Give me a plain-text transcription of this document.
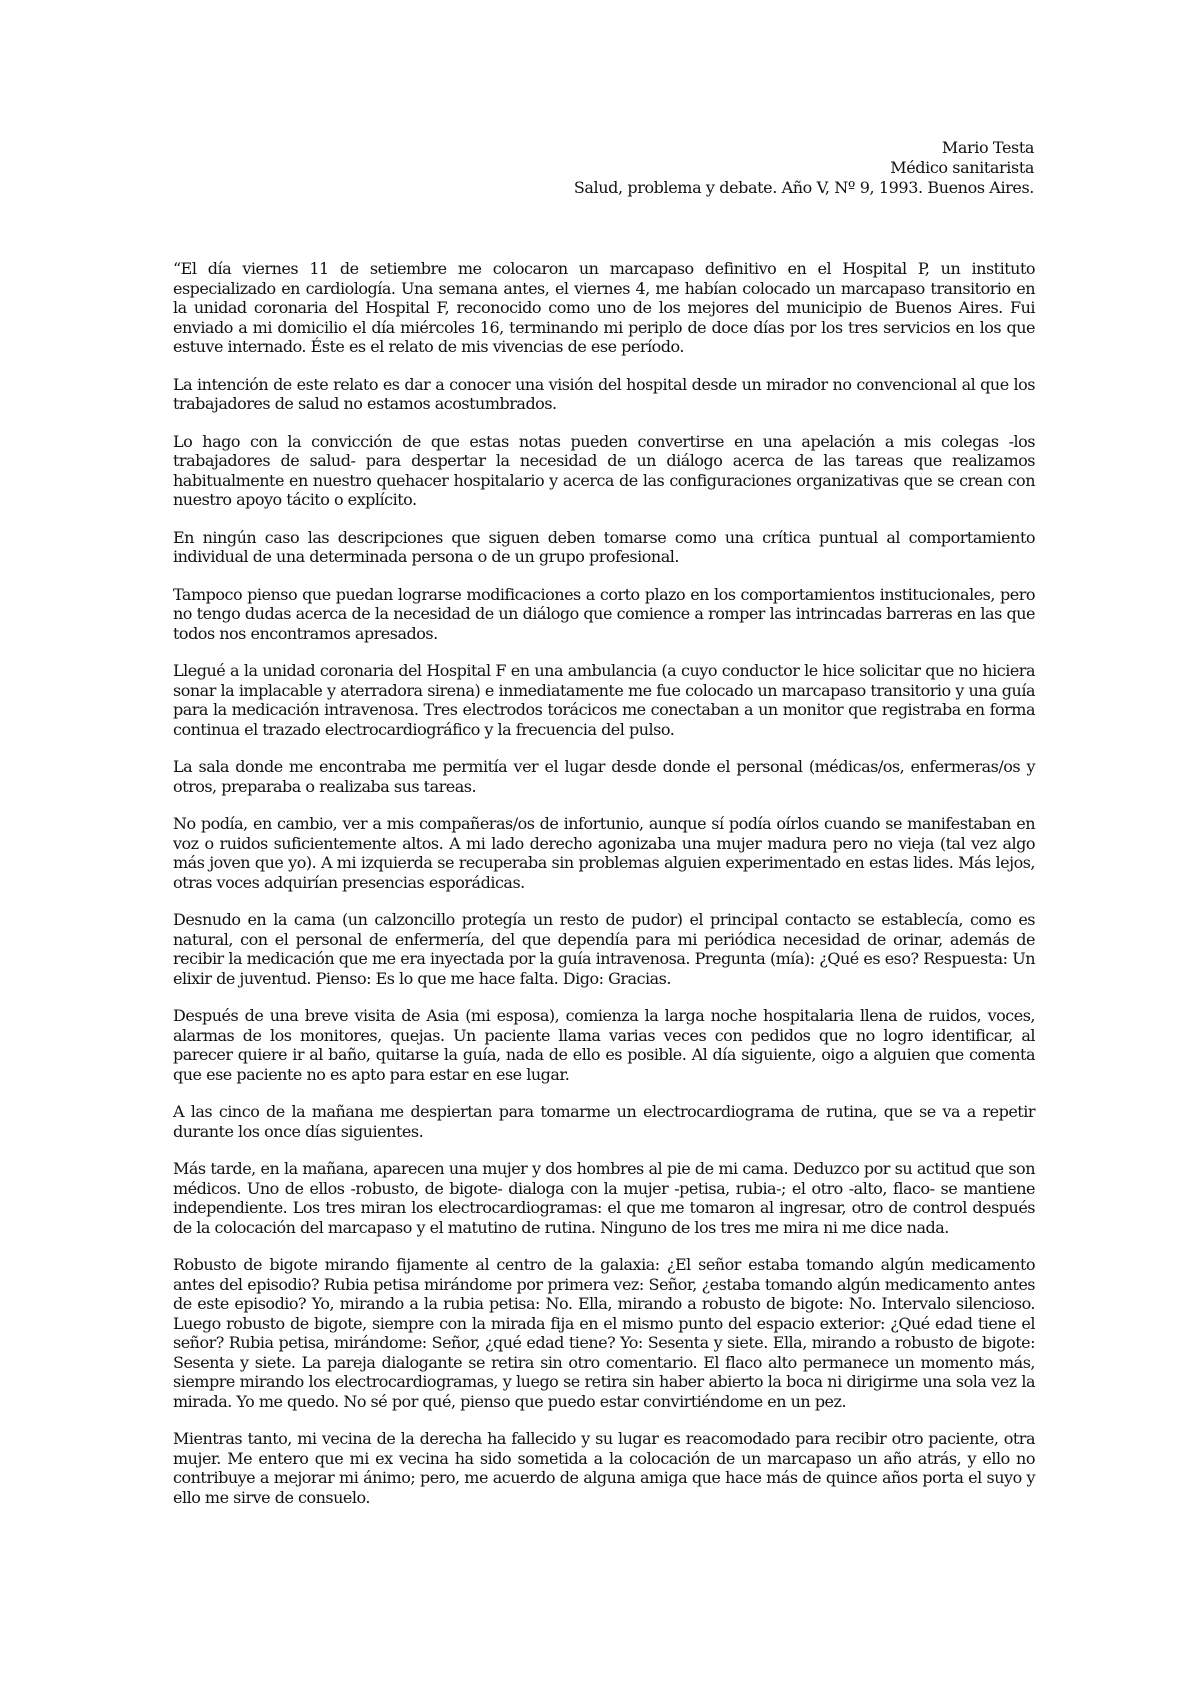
Mario Testa
Médico sanitarista
Salud, problema y debate. Año V, Nº 9, 1993. Buenos Aires.

“El día viernes 11 de setiembre me colocaron un marcapaso definitivo en el Hospital P, un instituto especializado en cardiología. Una semana antes, el viernes 4, me habían colocado un marcapaso transitorio en la unidad coronaria del Hospital F, reconocido como uno de los mejores del municipio de Buenos Aires. Fui enviado a mi domicilio el día miércoles 16, terminando mi periplo de doce días por los tres servicios en los que estuve internado. Éste es el relato de mis vivencias de ese período.

La intención de este relato es dar a conocer una visión del hospital desde un mirador no convencional al que los trabajadores de salud no estamos acostumbrados.

Lo hago con la convicción de que estas notas pueden convertirse en una apelación a mis colegas -los trabajadores de salud- para despertar la necesidad de un diálogo acerca de las tareas que realizamos habitualmente en nuestro quehacer hospitalario y acerca de las configuraciones organizativas que se crean con nuestro apoyo tácito o explícito.

En ningún caso las descripciones que siguen deben tomarse como una crítica puntual al comportamiento individual de una determinada persona o de un grupo profesional.

Tampoco pienso que puedan lograrse modificaciones a corto plazo en los comportamientos institucionales, pero no tengo dudas acerca de la necesidad de un diálogo que comience a romper las intrincadas barreras en las que todos nos encontramos apresados.

Llegué a la unidad coronaria del Hospital F en una ambulancia (a cuyo conductor le hice solicitar que no hiciera sonar la implacable y aterradora sirena) e inmediatamente me fue colocado un marcapaso transitorio y una guía para la medicación intravenosa. Tres electrodos torácicos me conectaban a un monitor que registraba en forma continua el trazado electrocardiográfico y la frecuencia del pulso.

La sala donde me encontraba me permitía ver el lugar desde donde el personal (médicas/os, enfermeras/os y otros, preparaba o realizaba sus tareas.

No podía, en cambio, ver a mis compañeras/os de infortunio, aunque sí podía oírlos cuando se manifestaban en voz o ruidos suficientemente altos. A mi lado derecho agonizaba una mujer madura pero no vieja (tal vez algo más joven que yo). A mi izquierda se recuperaba sin problemas alguien experimentado en estas lides. Más lejos, otras voces adquirían presencias esporádicas.

Desnudo en la cama (un calzoncillo protegía un resto de pudor) el principal contacto se establecía, como es natural, con el personal de enfermería, del que dependía para mi periódica necesidad de orinar, además de recibir la medicación que me era inyectada por la guía intravenosa. Pregunta (mía): ¿Qué es eso? Respuesta: Un elixir de juventud. Pienso: Es lo que me hace falta. Digo: Gracias.

Después de una breve visita de Asia (mi esposa), comienza la larga noche hospitalaria llena de ruidos, voces, alarmas de los monitores, quejas. Un paciente llama varias veces con pedidos que no logro identificar, al parecer quiere ir al baño, quitarse la guía, nada de ello es posible. Al día siguiente, oigo a alguien que comenta que ese paciente no es apto para estar en ese lugar.

A las cinco de la mañana me despiertan para tomarme un electrocardiograma de rutina, que se va a repetir durante los once días siguientes.

Más tarde, en la mañana, aparecen una mujer y dos hombres al pie de mi cama. Deduzco por su actitud que son médicos. Uno de ellos -robusto, de bigote- dialoga con la mujer -petisa, rubia-; el otro -alto, flaco- se mantiene independiente. Los tres miran los electrocardiogramas: el que me tomaron al ingresar, otro de control después de la colocación del marcapaso y el matutino de rutina. Ninguno de los tres me mira ni me dice nada.

Robusto de bigote mirando fijamente al centro de la galaxia: ¿El señor estaba tomando algún medicamento antes del episodio? Rubia petisa mirándome por primera vez: Señor, ¿estaba tomando algún medicamento antes de este episodio? Yo, mirando a la rubia petisa: No. Ella, mirando a robusto de bigote: No. Intervalo silencioso. Luego robusto de bigote, siempre con la mirada fija en el mismo punto del espacio exterior: ¿Qué edad tiene el señor? Rubia petisa, mirándome: Señor, ¿qué edad tiene? Yo: Sesenta y siete. Ella, mirando a robusto de bigote: Sesenta y siete. La pareja dialogante se retira sin otro comentario. El flaco alto permanece un momento más, siempre mirando los electrocardiogramas, y luego se retira sin haber abierto la boca ni dirigirme una sola vez la mirada. Yo me quedo. No sé por qué, pienso que puedo estar convirtiéndome en un pez.

Mientras tanto, mi vecina de la derecha ha fallecido y su lugar es reacomodado para recibir otro paciente, otra mujer. Me entero que mi ex vecina ha sido sometida a la colocación de un marcapaso un año atrás, y ello no contribuye a mejorar mi ánimo; pero, me acuerdo de alguna amiga que hace más de quince años porta el suyo y ello me sirve de consuelo.
